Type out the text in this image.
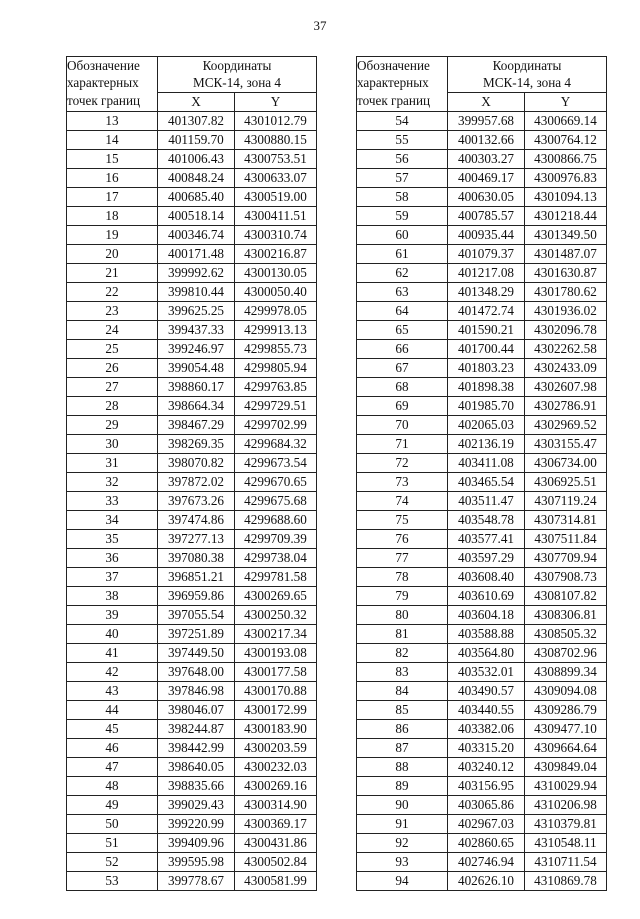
37
Обозначение
характерных
точек границ	Координаты
МСК-14, зона 4	

	X	Y
13	401307.82	4301012.79
14	401159.70	4300880.15
15	401006.43	4300753.51
16	400848.24	4300633.07
17	400685.40	4300519.00
18	400518.14	4300411.51
19	400346.74	4300310.74
20	400171.48	4300216.87
21	399992.62	4300130.05
22	399810.44	4300050.40
23	399625.25	4299978.05
24	399437.33	4299913.13
25	399246.97	4299855.73
26	399054.48	4299805.94
27	398860.17	4299763.85
28	398664.34	4299729.51
29	398467.29	4299702.99
30	398269.35	4299684.32
31	398070.82	4299673.54
32	397872.02	4299670.65
33	397673.26	4299675.68
34	397474.86	4299688.60
35	397277.13	4299709.39
36	397080.38	4299738.04
37	396851.21	4299781.58
38	396959.86	4300269.65
39	397055.54	4300250.32
40	397251.89	4300217.34
41	397449.50	4300193.08
42	397648.00	4300177.58
43	397846.98	4300170.88
44	398046.07	4300172.99
45	398244.87	4300183.90
46	398442.99	4300203.59
47	398640.05	4300232.03
48	398835.66	4300269.16
49	399029.43	4300314.90
50	399220.99	4300369.17
51	399409.96	4300431.86
52	399595.98	4300502.84
53	399778.67	4300581.99
Обозначение
характерных
точек границ	Координаты
МСК-14, зона 4	

	X	Y
54	399957.68	4300669.14
55	400132.66	4300764.12
56	400303.27	4300866.75
57	400469.17	4300976.83
58	400630.05	4301094.13
59	400785.57	4301218.44
60	400935.44	4301349.50
61	401079.37	4301487.07
62	401217.08	4301630.87
63	401348.29	4301780.62
64	401472.74	4301936.02
65	401590.21	4302096.78
66	401700.44	4302262.58
67	401803.23	4302433.09
68	401898.38	4302607.98
69	401985.70	4302786.91
70	402065.03	4302969.52
71	402136.19	4303155.47
72	403411.08	4306734.00
73	403465.54	4306925.51
74	403511.47	4307119.24
75	403548.78	4307314.81
76	403577.41	4307511.84
77	403597.29	4307709.94
78	403608.40	4307908.73
79	403610.69	4308107.82
80	403604.18	4308306.81
81	403588.88	4308505.32
82	403564.80	4308702.96
83	403532.01	4308899.34
84	403490.57	4309094.08
85	403440.55	4309286.79
86	403382.06	4309477.10
87	403315.20	4309664.64
88	403240.12	4309849.04
89	403156.95	4310029.94
90	403065.86	4310206.98
91	402967.03	4310379.81
92	402860.65	4310548.11
93	402746.94	4310711.54
94	402626.10	4310869.78
